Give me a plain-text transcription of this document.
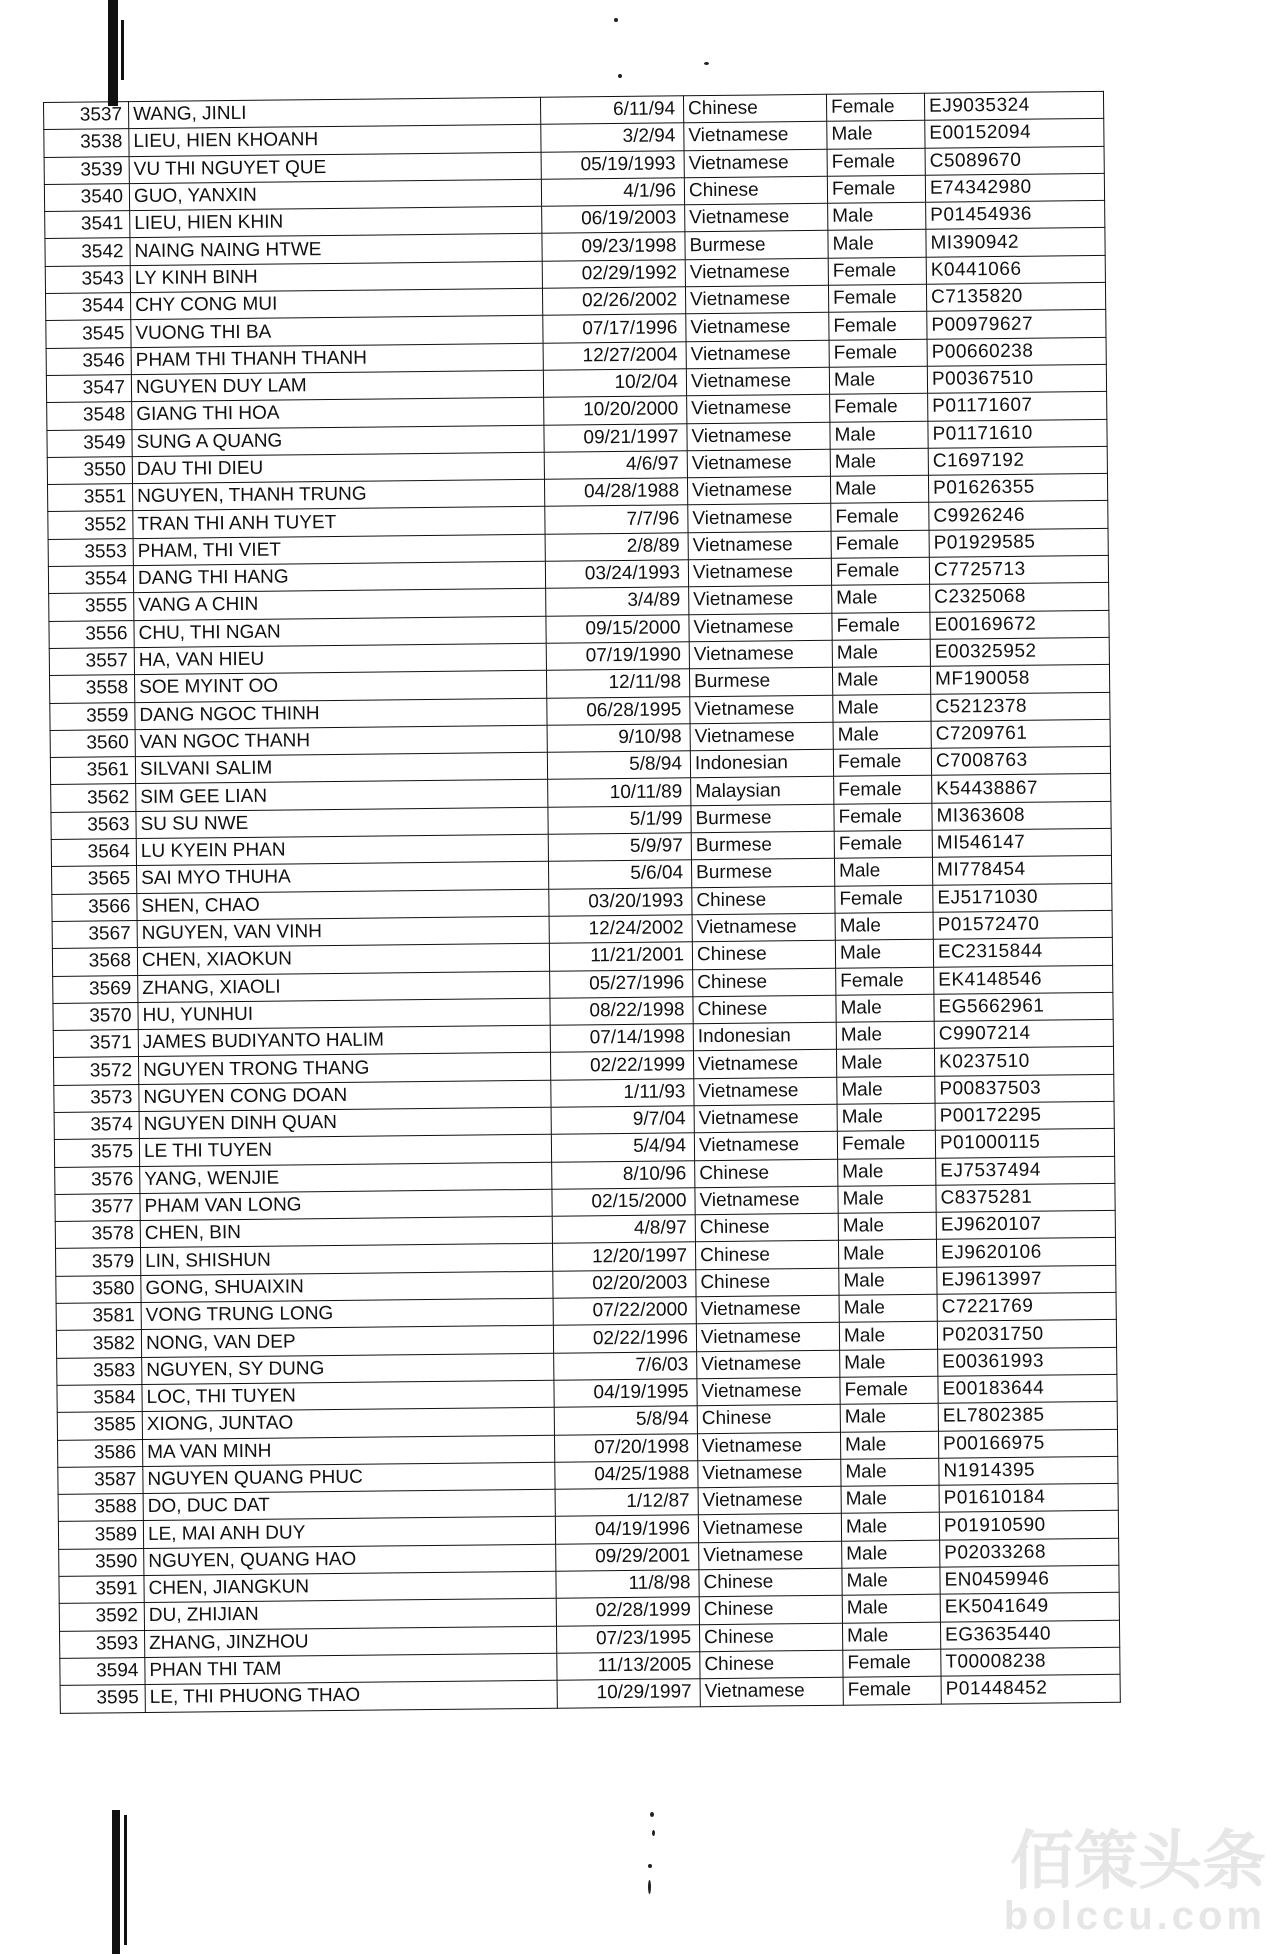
3537	WANG, JINLI	6/11/94	Chinese	Female	EJ9035324
3538	LIEU, HIEN KHOANH	3/2/94	Vietnamese	Male	E00152094
3539	VU THI NGUYET QUE	05/19/1993	Vietnamese	Female	C5089670
3540	GUO, YANXIN	4/1/96	Chinese	Female	E74342980
3541	LIEU, HIEN KHIN	06/19/2003	Vietnamese	Male	P01454936
3542	NAING NAING HTWE	09/23/1998	Burmese	Male	MI390942
3543	LY KINH BINH	02/29/1992	Vietnamese	Female	K0441066
3544	CHY CONG MUI	02/26/2002	Vietnamese	Female	C7135820
3545	VUONG THI BA	07/17/1996	Vietnamese	Female	P00979627
3546	PHAM THI THANH THANH	12/27/2004	Vietnamese	Female	P00660238
3547	NGUYEN DUY LAM	10/2/04	Vietnamese	Male	P00367510
3548	GIANG THI HOA	10/20/2000	Vietnamese	Female	P01171607
3549	SUNG A QUANG	09/21/1997	Vietnamese	Male	P01171610
3550	DAU THI DIEU	4/6/97	Vietnamese	Male	C1697192
3551	NGUYEN, THANH TRUNG	04/28/1988	Vietnamese	Male	P01626355
3552	TRAN THI ANH TUYET	7/7/96	Vietnamese	Female	C9926246
3553	PHAM, THI VIET	2/8/89	Vietnamese	Female	P01929585
3554	DANG THI HANG	03/24/1993	Vietnamese	Female	C7725713
3555	VANG A CHIN	3/4/89	Vietnamese	Male	C2325068
3556	CHU, THI NGAN	09/15/2000	Vietnamese	Female	E00169672
3557	HA, VAN HIEU	07/19/1990	Vietnamese	Male	E00325952
3558	SOE MYINT OO	12/11/98	Burmese	Male	MF190058
3559	DANG NGOC THINH	06/28/1995	Vietnamese	Male	C5212378
3560	VAN NGOC THANH	9/10/98	Vietnamese	Male	C7209761
3561	SILVANI SALIM	5/8/94	Indonesian	Female	C7008763
3562	SIM GEE LIAN	10/11/89	Malaysian	Female	K54438867
3563	SU SU NWE	5/1/99	Burmese	Female	MI363608
3564	LU KYEIN PHAN	5/9/97	Burmese	Female	MI546147
3565	SAI MYO THUHA	5/6/04	Burmese	Male	MI778454
3566	SHEN, CHAO	03/20/1993	Chinese	Female	EJ5171030
3567	NGUYEN, VAN VINH	12/24/2002	Vietnamese	Male	P01572470
3568	CHEN, XIAOKUN	11/21/2001	Chinese	Male	EC2315844
3569	ZHANG, XIAOLI	05/27/1996	Chinese	Female	EK4148546
3570	HU, YUNHUI	08/22/1998	Chinese	Male	EG5662961
3571	JAMES BUDIYANTO HALIM	07/14/1998	Indonesian	Male	C9907214
3572	NGUYEN TRONG THANG	02/22/1999	Vietnamese	Male	K0237510
3573	NGUYEN CONG DOAN	1/11/93	Vietnamese	Male	P00837503
3574	NGUYEN DINH QUAN	9/7/04	Vietnamese	Male	P00172295
3575	LE THI TUYEN	5/4/94	Vietnamese	Female	P01000115
3576	YANG, WENJIE	8/10/96	Chinese	Male	EJ7537494
3577	PHAM VAN LONG	02/15/2000	Vietnamese	Male	C8375281
3578	CHEN, BIN	4/8/97	Chinese	Male	EJ9620107
3579	LIN, SHISHUN	12/20/1997	Chinese	Male	EJ9620106
3580	GONG, SHUAIXIN	02/20/2003	Chinese	Male	EJ9613997
3581	VONG TRUNG LONG	07/22/2000	Vietnamese	Male	C7221769
3582	NONG, VAN DEP	02/22/1996	Vietnamese	Male	P02031750
3583	NGUYEN, SY DUNG	7/6/03	Vietnamese	Male	E00361993
3584	LOC, THI TUYEN	04/19/1995	Vietnamese	Female	E00183644
3585	XIONG, JUNTAO	5/8/94	Chinese	Male	EL7802385
3586	MA VAN MINH	07/20/1998	Vietnamese	Male	P00166975
3587	NGUYEN QUANG PHUC	04/25/1988	Vietnamese	Male	N1914395
3588	DO, DUC DAT	1/12/87	Vietnamese	Male	P01610184
3589	LE, MAI ANH DUY	04/19/1996	Vietnamese	Male	P01910590
3590	NGUYEN, QUANG HAO	09/29/2001	Vietnamese	Male	P02033268
3591	CHEN, JIANGKUN	11/8/98	Chinese	Male	EN0459946
3592	DU, ZHIJIAN	02/28/1999	Chinese	Male	EK5041649
3593	ZHANG, JINZHOU	07/23/1995	Chinese	Male	EG3635440
3594	PHAN THI TAM	11/13/2005	Chinese	Female	T00008238
3595	LE, THI PHUONG THAO	10/29/1997	Vietnamese	Female	P01448452
佰策头条
bolccu.com
